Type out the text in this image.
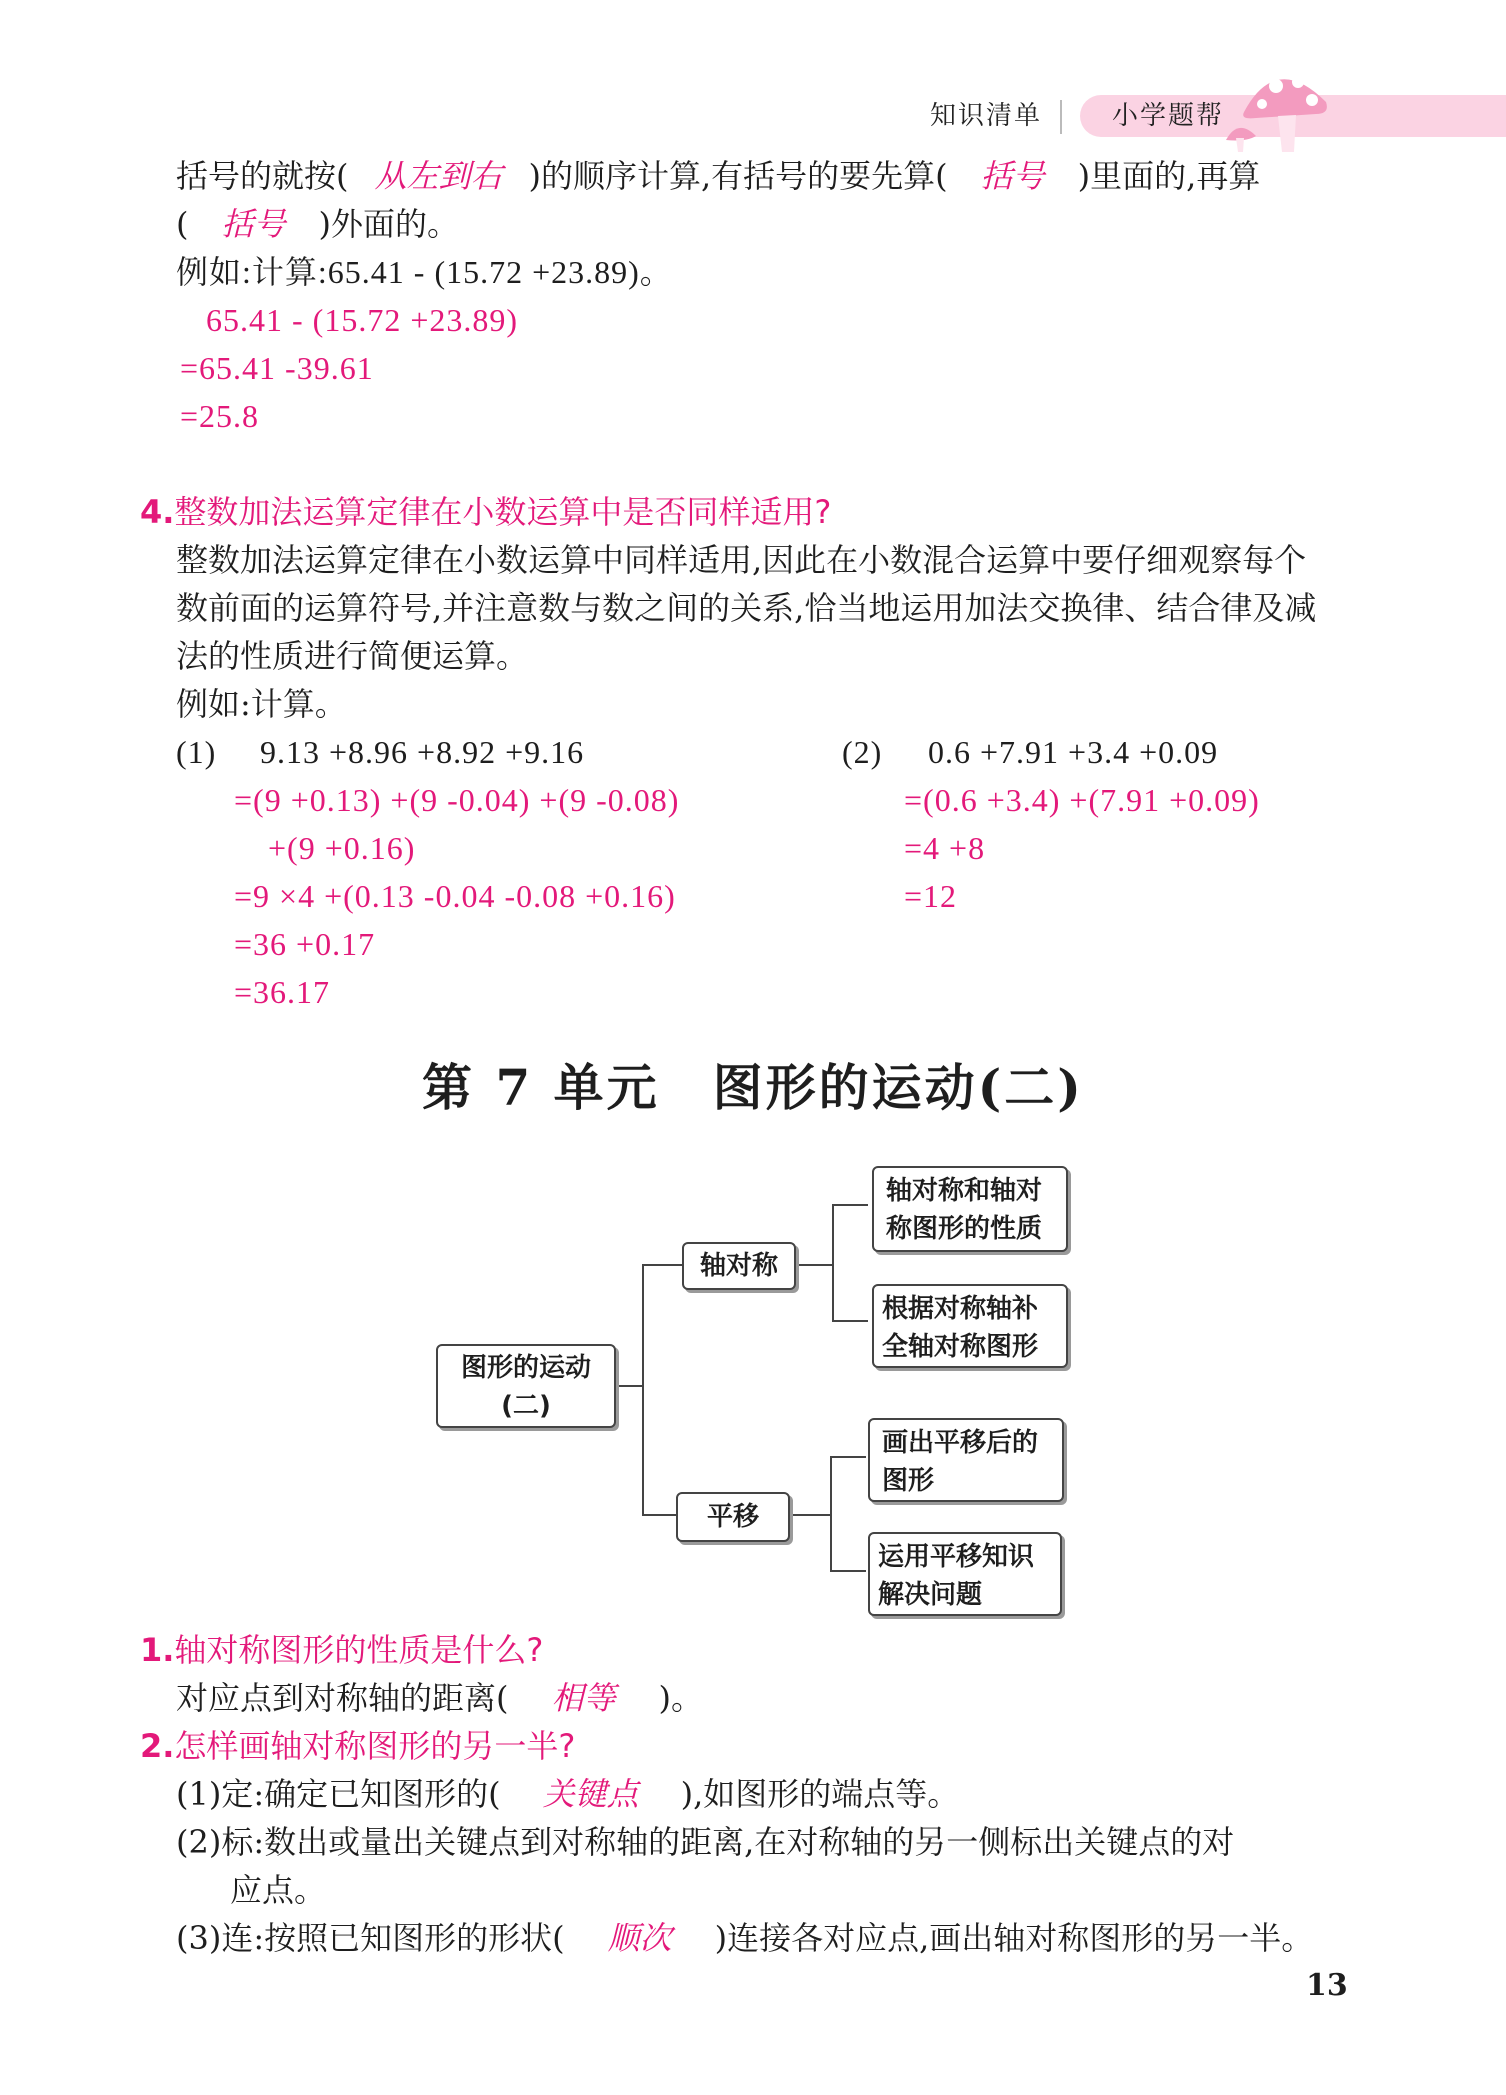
知识清单	小学题帮
括号的就按( 从左到右 )的顺序计算,有括号的要先算( 括号 )里面的,再算
( 括号 )外面的。
例如:计算:65.41 - (15.72 +23.89)。
65.41 - (15.72 +23.89)
=65.41 -39.61
=25.8
4.整数加法运算定律在小数运算中是否同样适用?
整数加法运算定律在小数运算中同样适用,因此在小数混合运算中要仔细观察每个
数前面的运算符号,并注意数与数之间的关系,恰当地运用加法交换律、结合律及减
法的性质进行简便运算。
例如:计算。
(1) 9.13 +8.96 +8.92 +9.16
=(9 +0.13) +(9 -0.04) +(9 -0.08)
+(9 +0.16)
=9 ×4 +(0.13 -0.04 -0.08 +0.16)
=36 +0.17
=36.17
(2) 0.6 +7.91 +3.4 +0.09
=(0.6 +3.4) +(7.91 +0.09)
=4 +8
=12
第 7 单元　图形的运动(二)
图形的运动
(二)
轴对称
轴对称和轴对
称图形的性质
根据对称轴补
全轴对称图形
平移
画出平移后的
图形
运用平移知识
解决问题
1.轴对称图形的性质是什么?
对应点到对称轴的距离( 相等 )。
2.怎样画轴对称图形的另一半?
(1)定:确定已知图形的( 关键点 ),如图形的端点等。
(2)标:数出或量出关键点到对称轴的距离,在对称轴的另一侧标出关键点的对
应点。
(3)连:按照已知图形的形状( 顺次 )连接各对应点,画出轴对称图形的另一半。
13
